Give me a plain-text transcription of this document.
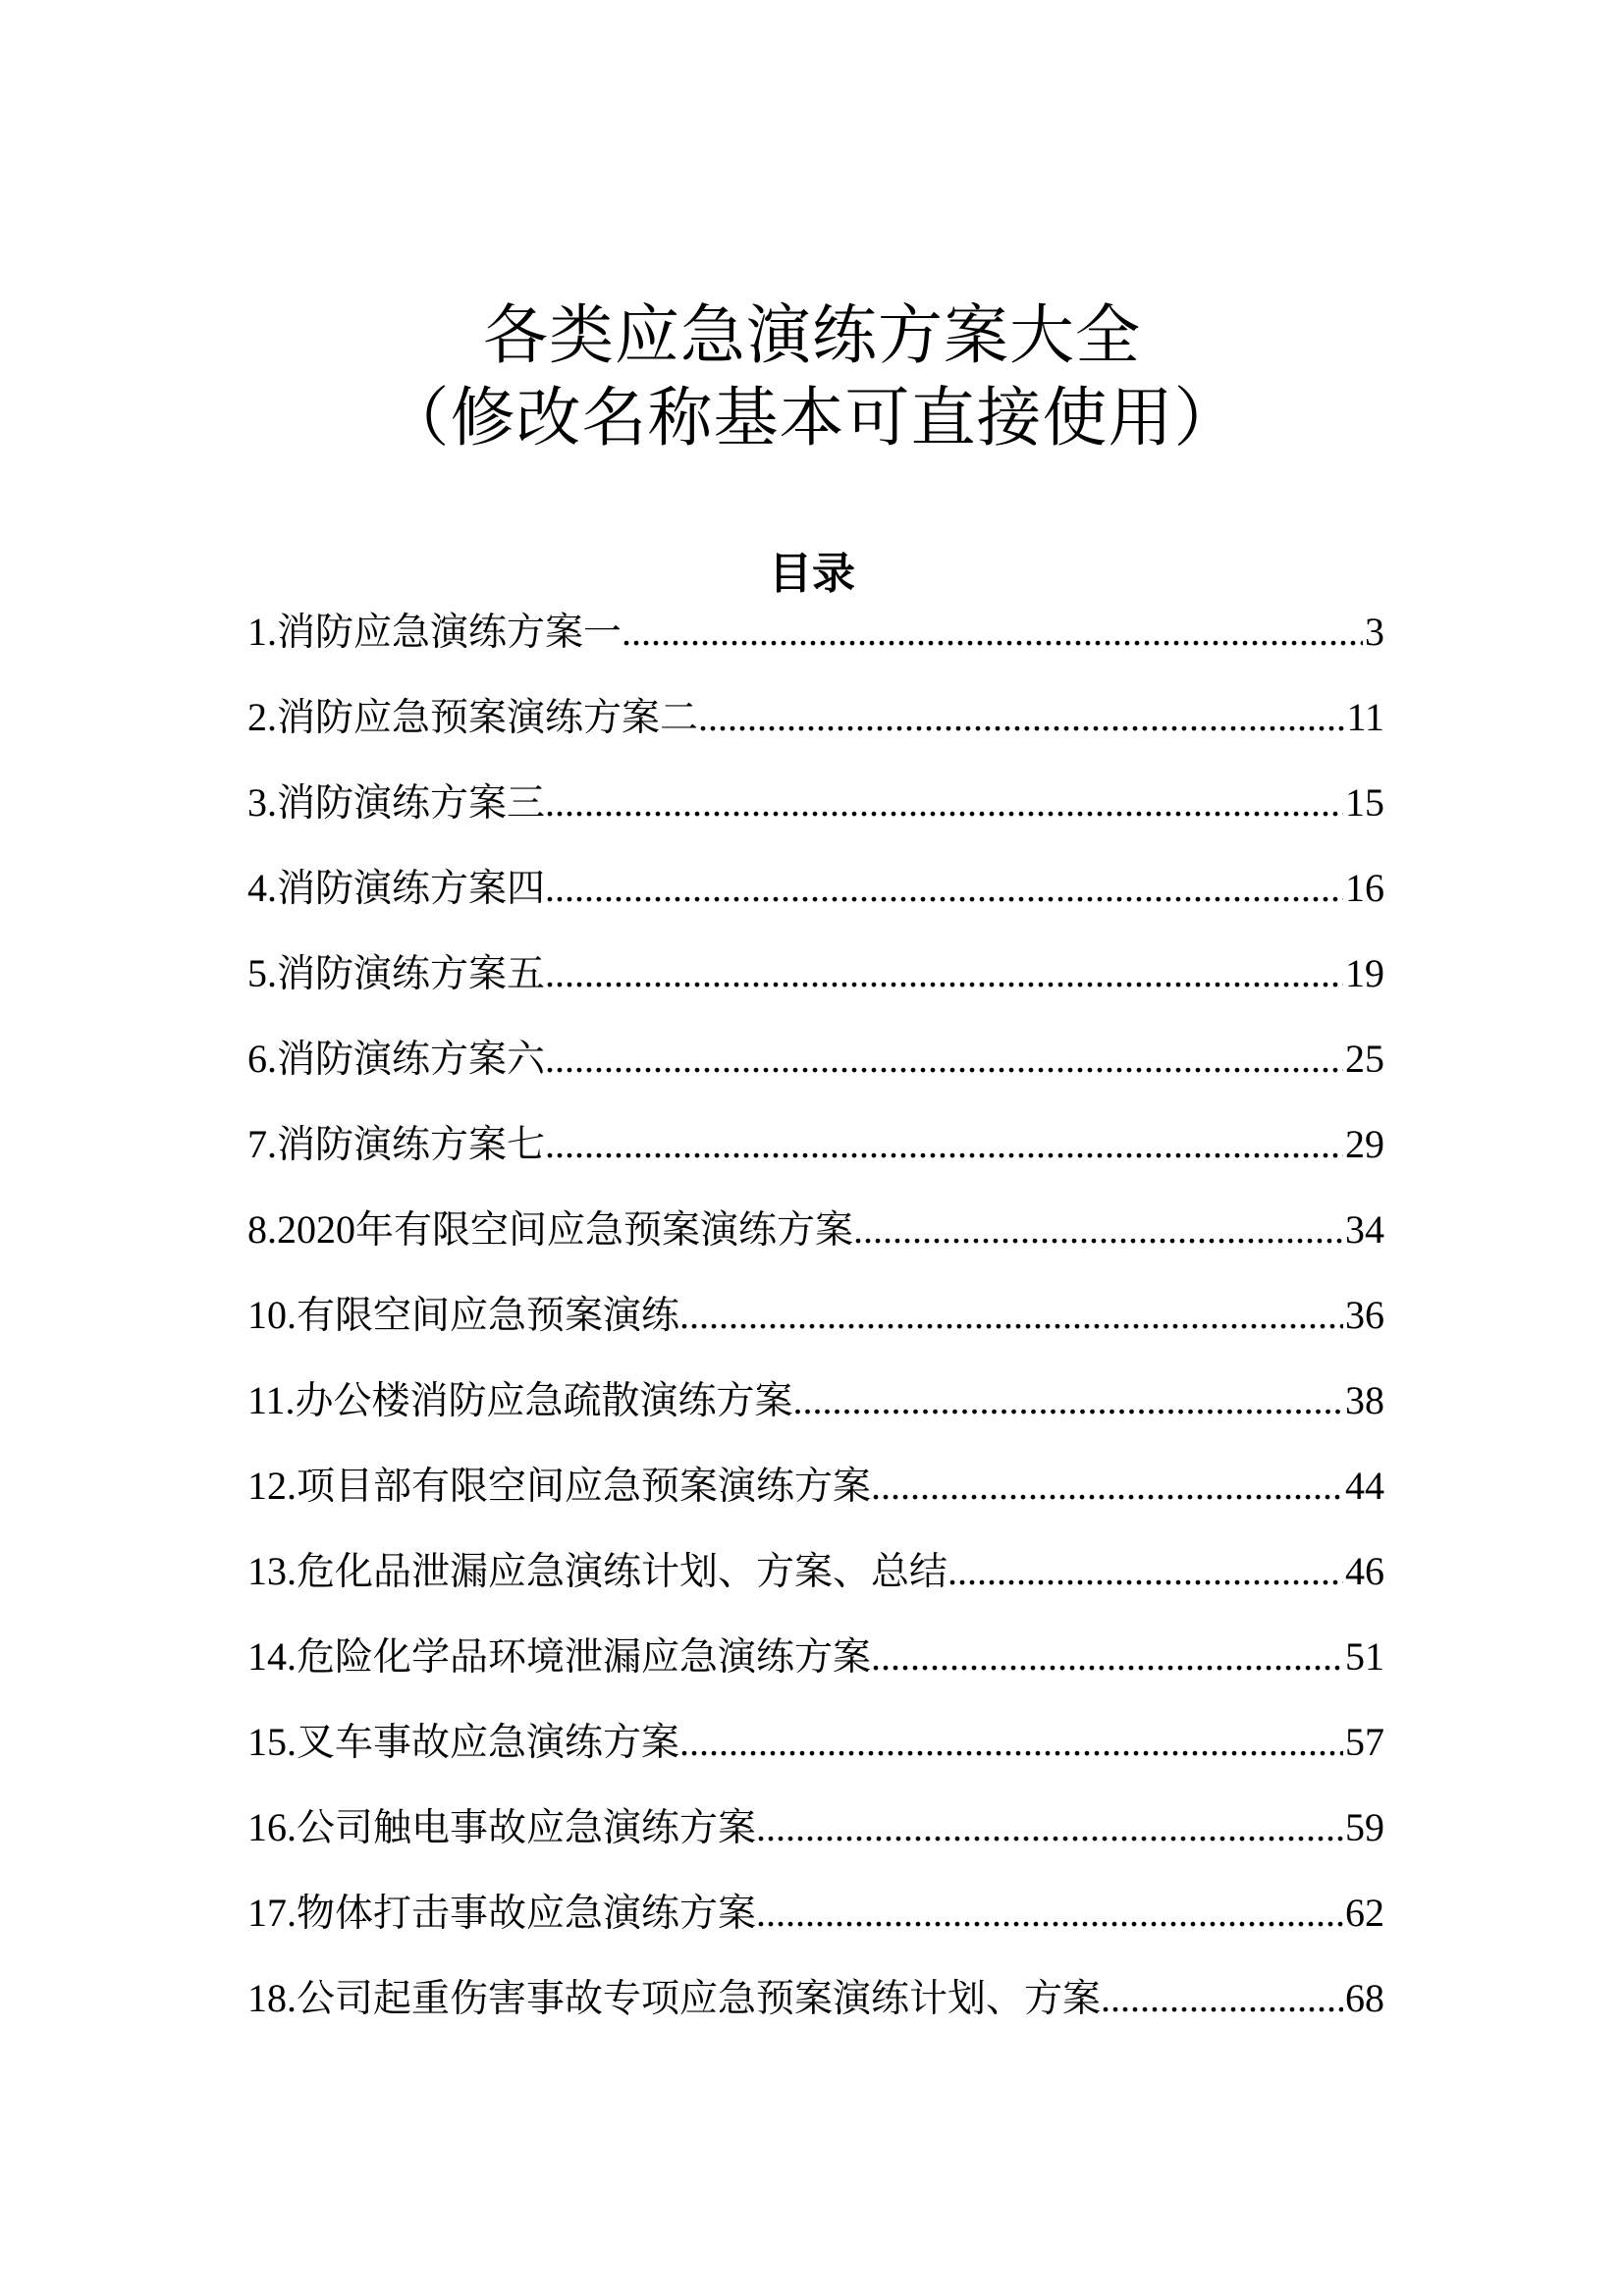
各类应急演练方案大全
（修改名称基本可直接使用）
目录
1. 消防应急演练方案一 .....	3
2. 消防应急预案演练方案二 .....	11
3. 消防演练方案三 .....	15
4. 消防演练方案四 .....	16
5. 消防演练方案五 .....	19
6. 消防演练方案六 .....	25
7. 消防演练方案七 .....	29
8.2020 年有限空间应急预案演练方案 .....	34
10. 有限空间应急预案演练 .....	36
11. 办公楼消防应急疏散演练方案 .....	38
12. 项目部有限空间应急预案演练方案 .....	44
13. 危化品泄漏应急演练计划、方案、总结 .....	46
14. 危险化学品环境泄漏应急演练方案 .....	51
15. 叉车事故应急演练方案 .....	57
16. 公司触电事故应急演练方案 .....	59
17. 物体打击事故应急演练方案 .....	62
18. 公司起重伤害事故专项应急预案演练计划、方案 .....	68
